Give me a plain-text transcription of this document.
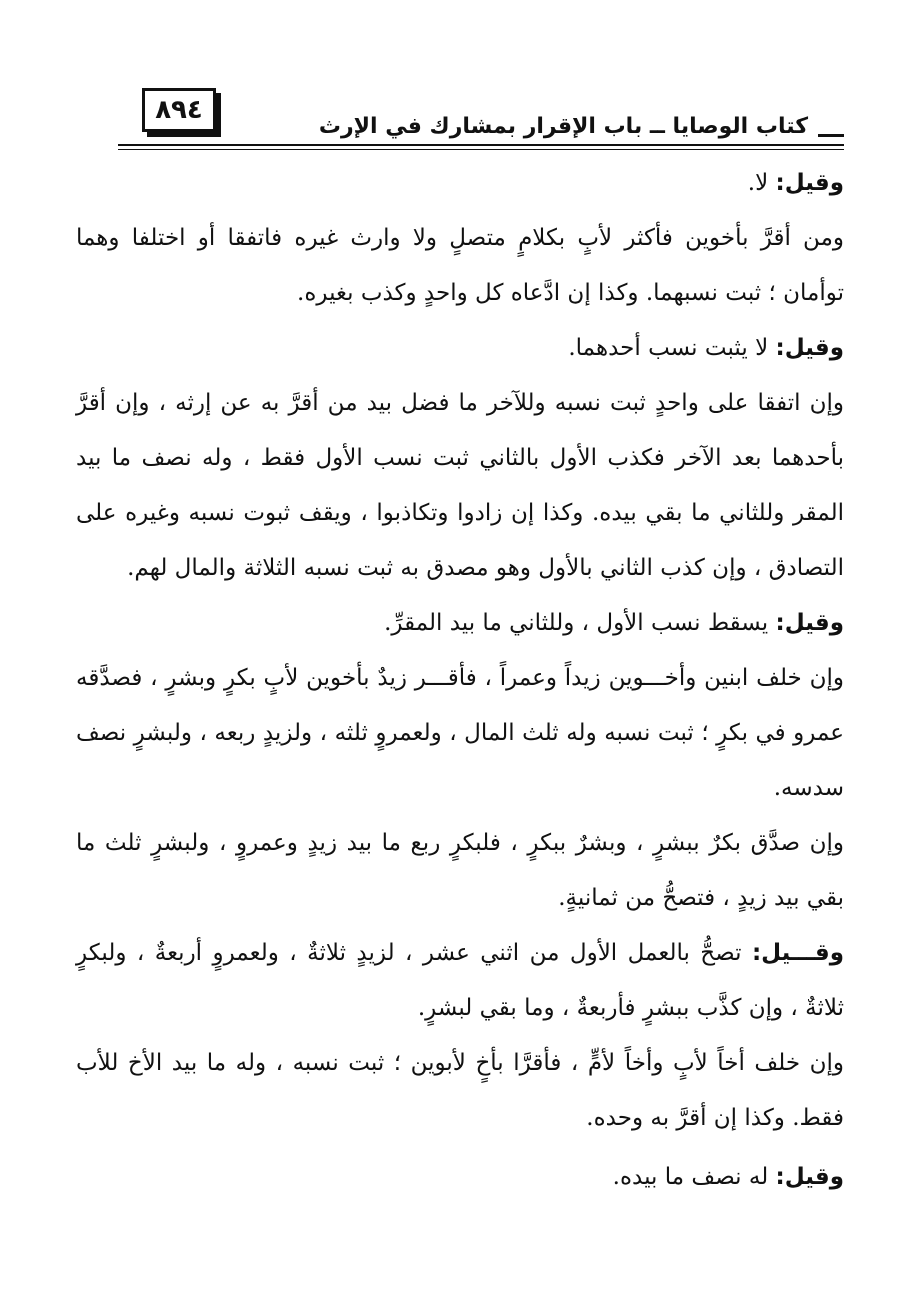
٨٩٤
كتاب الوصايا ــ باب الإقرار بمشارك في الإرث

وقيل: لا.

ومن أقرَّ بأخوين فأكثر لأبٍ بكلامٍ متصلٍ ولا وارث غيره فاتفقا أو اختلفا وهما توأمان ؛ ثبت نسبهما. وكذا إن ادَّعاه كل واحدٍ وكذب بغيره.

وقيل: لا يثبت نسب أحدهما.

وإن اتفقا على واحدٍ ثبت نسبه وللآخر ما فضل بيد من أقرَّ به عن إرثه ، وإن أقرَّ بأحدهما بعد الآخر فكذب الأول بالثاني ثبت نسب الأول فقط ، وله نصف ما بيد المقر وللثاني ما بقي بيده. وكذا إن زادوا وتكاذبوا ، ويقف ثبوت نسبه وغيره على التصادق ، وإن كذب الثاني بالأول وهو مصدق به ثبت نسبه الثلاثة والمال لهم.

وقيل: يسقط نسب الأول ، وللثاني ما بيد المقرِّ.

وإن خلف ابنين وأخـــوين زيداً وعمراً ، فأقـــر زيدٌ بأخوين لأبٍ بكرٍ وبشرٍ ، فصدَّقه عمرو في بكرٍ ؛ ثبت نسبه وله ثلث المال ، ولعمروٍ ثلثه ، ولزيدٍ ربعه ، ولبشرٍ نصف سدسه.

وإن صدَّق بكرٌ ببشرٍ ، وبشرٌ ببكرٍ ، فلبكرٍ ربع ما بيد زيدٍ وعمروٍ ، ولبشرٍ ثلث ما بقي بيد زيدٍ ، فتصحُّ من ثمانيةٍ.

وقـــيل: تصحُّ بالعمل الأول من اثني عشر ، لزيدٍ ثلاثةٌ ، ولعمروٍ أربعةٌ ، ولبكرٍ ثلاثةٌ ، وإن كذَّب ببشرٍ فأربعةٌ ، وما بقي لبشرٍ.

وإن خلف أخاً لأبٍ وأخاً لأمٍّ ، فأقرَّا بأخٍ لأبوين ؛ ثبت نسبه ، وله ما بيد الأخ للأب فقط. وكذا إن أقرَّ به وحده.

وقيل: له نصف ما بيده.
